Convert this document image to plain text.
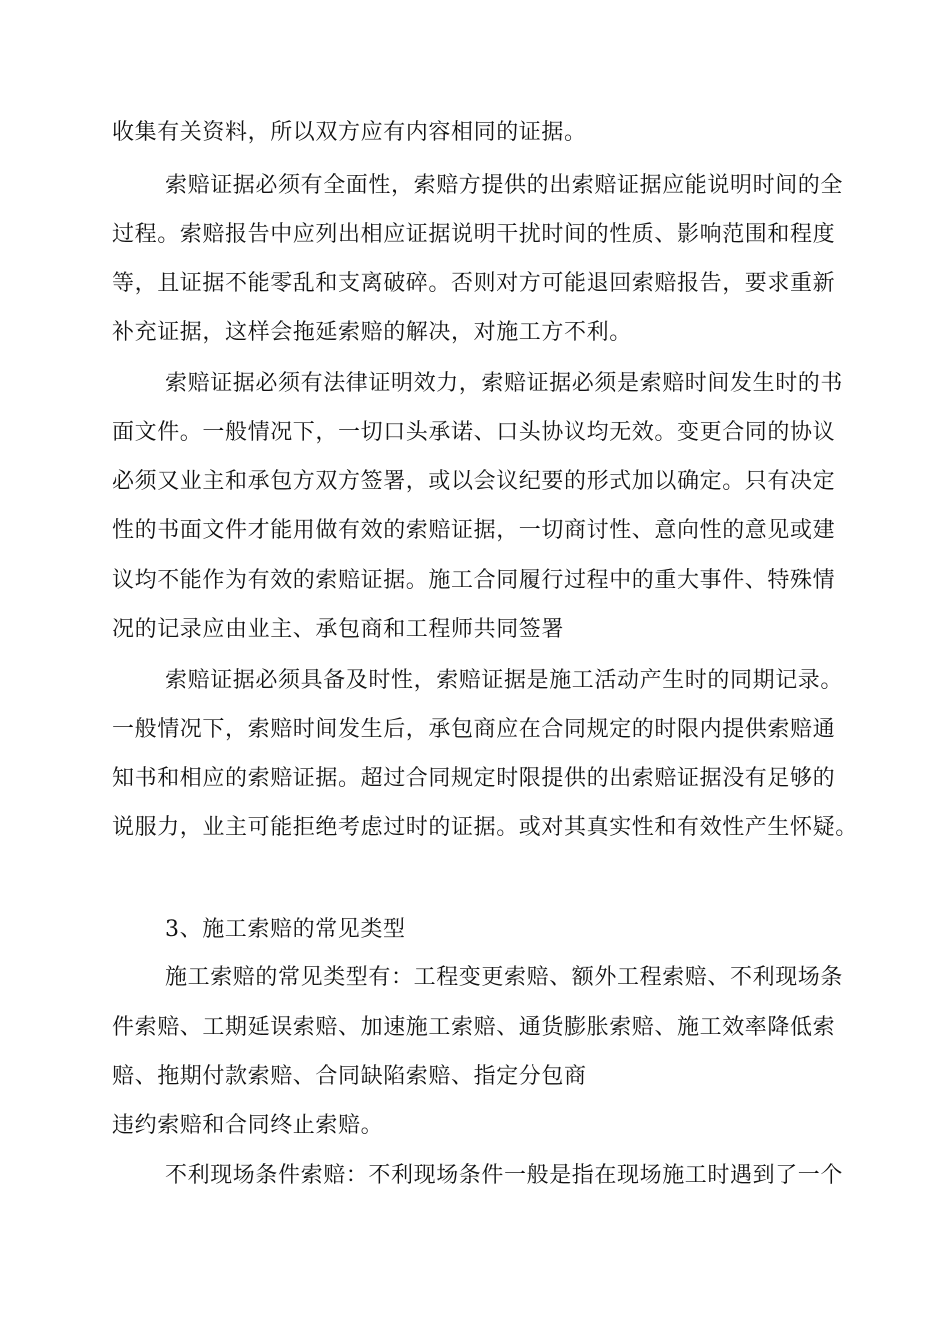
收集有关资料，所以双方应有内容相同的证据。
索赔证据必须有全面性，索赔方提供的出索赔证据应能说明时间的全
过程。索赔报告中应列出相应证据说明干扰时间的性质、影响范围和程度
等，且证据不能零乱和支离破碎。否则对方可能退回索赔报告，要求重新
补充证据，这样会拖延索赔的解决，对施工方不利。
索赔证据必须有法律证明效力，索赔证据必须是索赔时间发生时的书
面文件。一般情况下，一切口头承诺、口头协议均无效。变更合同的协议
必须又业主和承包方双方签署，或以会议纪要的形式加以确定。只有决定
性的书面文件才能用做有效的索赔证据，一切商讨性、意向性的意见或建
议均不能作为有效的索赔证据。施工合同履行过程中的重大事件、特殊情
况的记录应由业主、承包商和工程师共同签署
索赔证据必须具备及时性，索赔证据是施工活动产生时的同期记录。
一般情况下，索赔时间发生后，承包商应在合同规定的时限内提供索赔通
知书和相应的索赔证据。超过合同规定时限提供的出索赔证据没有足够的
说服力，业主可能拒绝考虑过时的证据。或对其真实性和有效性产生怀疑。
3、施工索赔的常见类型
施工索赔的常见类型有：工程变更索赔、额外工程索赔、不利现场条
件索赔、工期延误索赔、加速施工索赔、通货膨胀索赔、施工效率降低索
赔、拖期付款索赔、合同缺陷索赔、指定分包商
违约索赔和合同终止索赔。
不利现场条件索赔：不利现场条件一般是指在现场施工时遇到了一个
